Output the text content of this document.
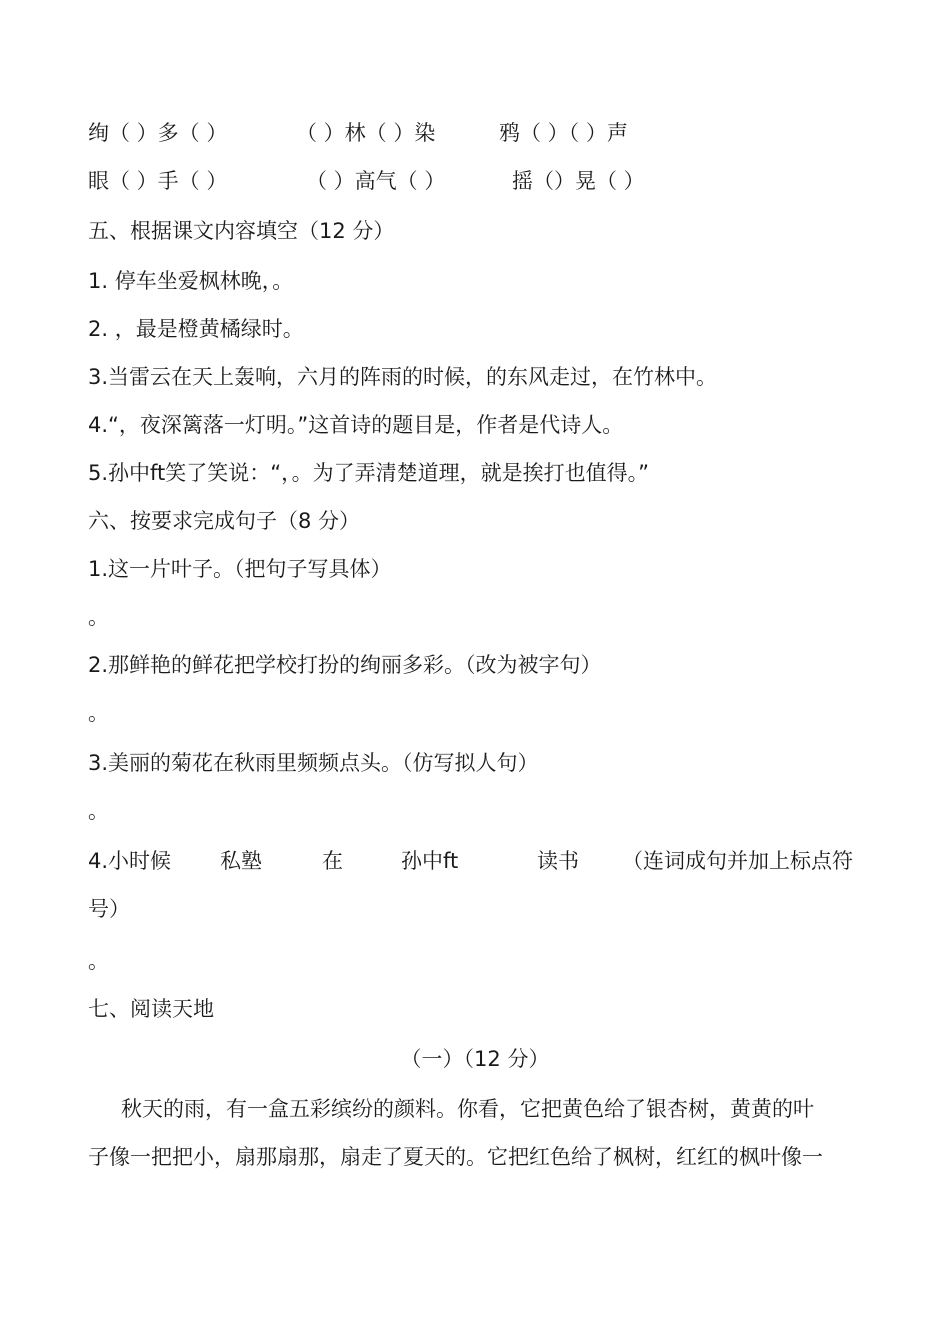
绚（ ）多（ ）	（ ）林（ ）染	鸦（ ）（ ）声
眼（ ）手（ ）	（ ）高气（ ）	摇（）晃（ ）
五、根据课文内容填空（12 分）
1. 停车坐爱枫林晚，。
2. ，最是橙黄橘绿时。
3.当雷云在天上轰响，六月的阵雨的时候，的东风走过，在竹林中。
4.“，夜深篱落一灯明。”这首诗的题目是，作者是代诗人。
5.孙中ft笑了笑说：“，。为了弄清楚道理，就是挨打也值得。”
六、按要求完成句子（8 分）
1.这一片叶子。（把句子写具体）
。
2.那鲜艳的鲜花把学校打扮的绚丽多彩。（改为被字句）
。
3.美丽的菊花在秋雨里频频点头。（仿写拟人句）
。
4.小时候 私塾	在	孙中ft	读书 （连词成句并加上标点符
号）
。
七、阅读天地
（一）（12 分）
秋天的雨，有一盒五彩缤纷的颜料。你看，它把黄色给了银杏树，黄黄的叶
子像一把把小，扇那扇那，扇走了夏天的。它把红色给了枫树，红红的枫叶像一
